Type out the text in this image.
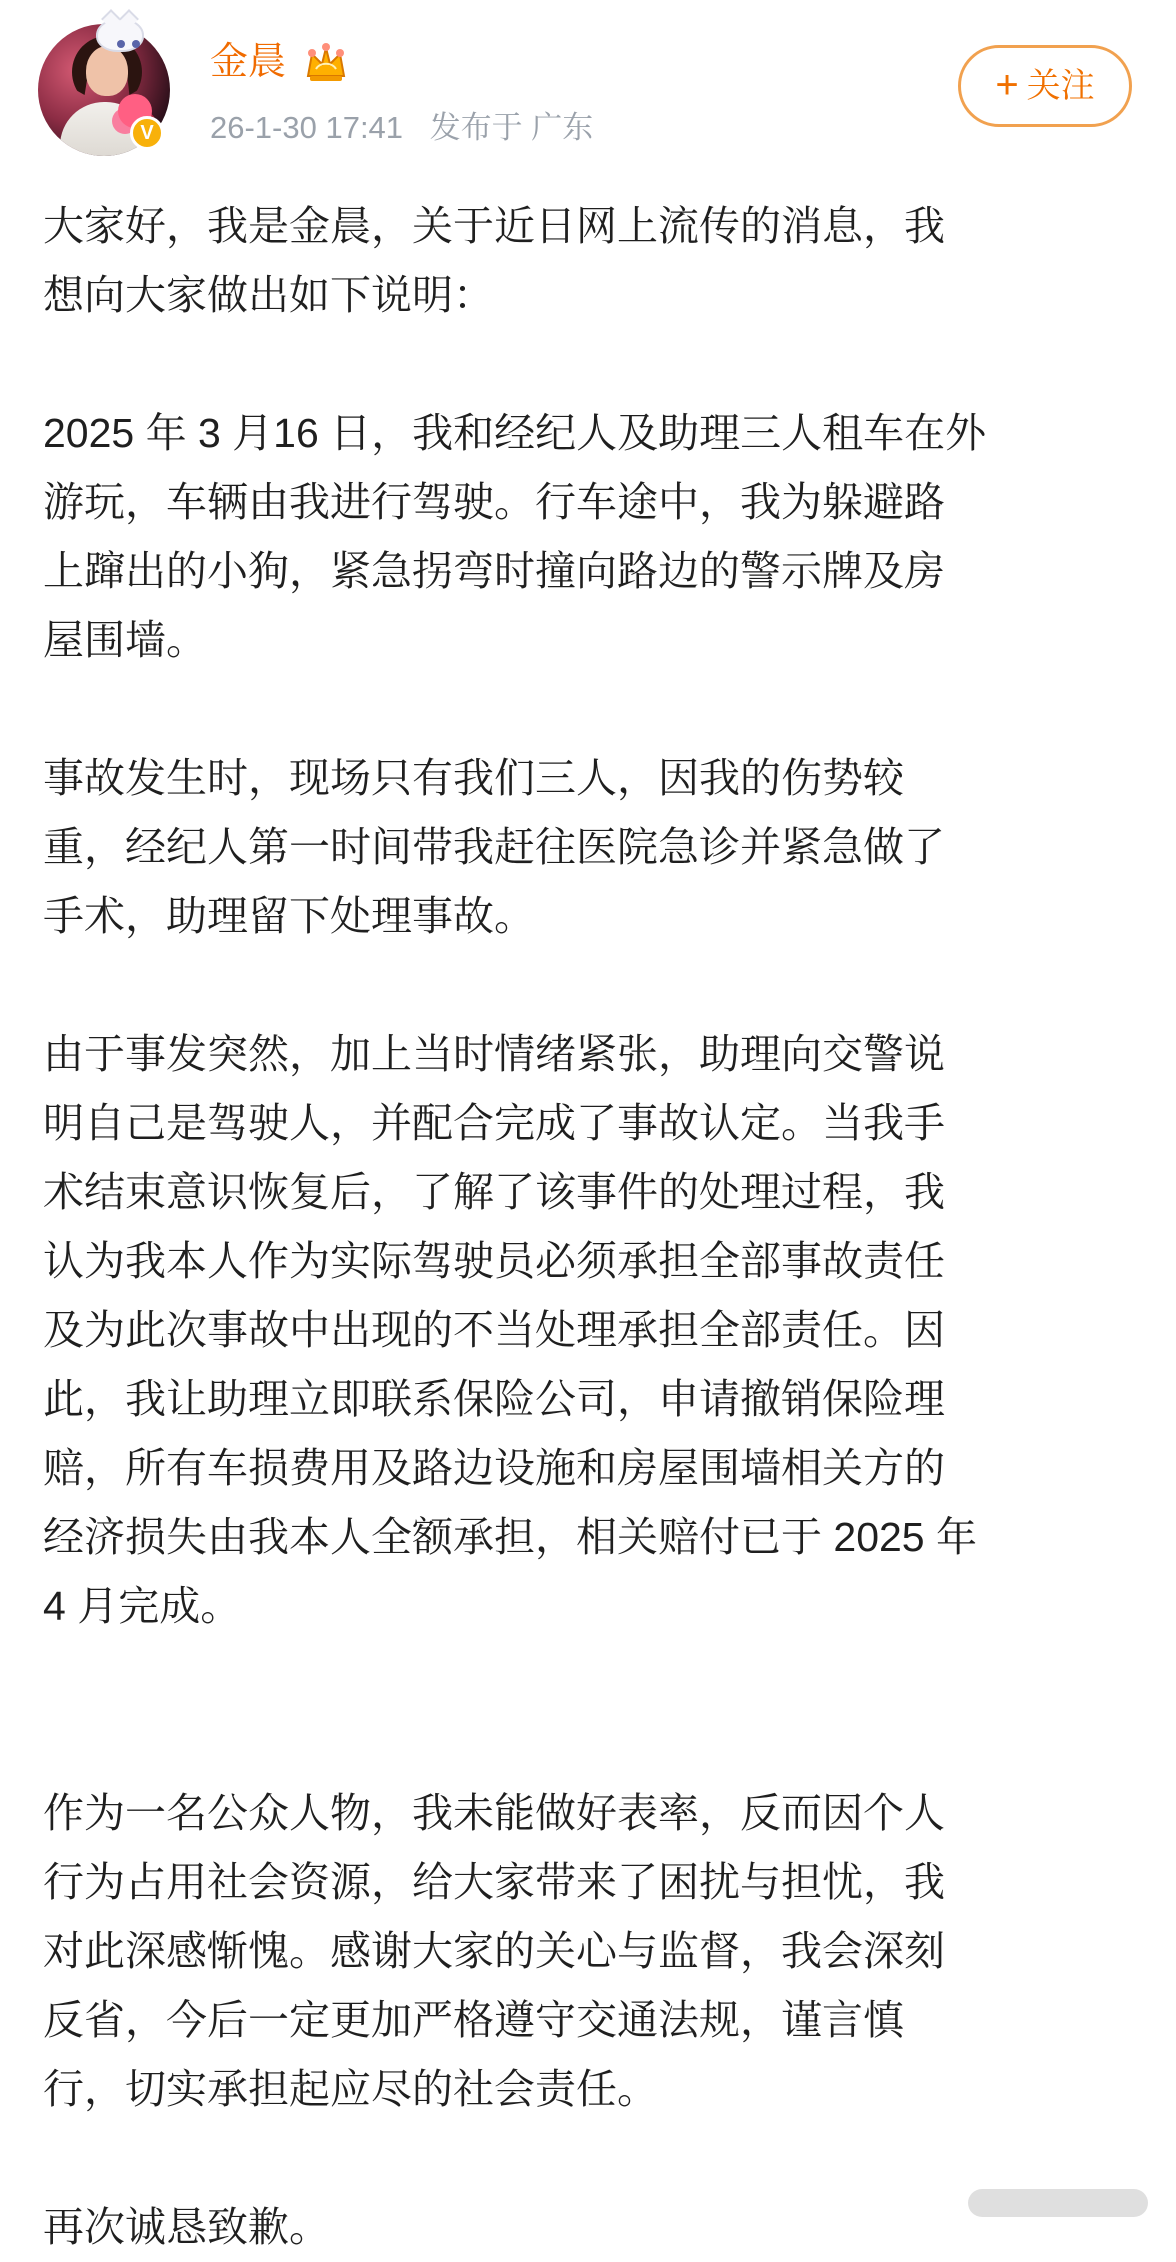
V
金晨
26-1-30 17:41 发布于 广东
+ 关注

大家好，我是金晨，关于近日网上流传的消息，我

想向大家做出如下说明：

2025 年 3 月16 日，我和经纪人及助理三人租车在外

游玩，车辆由我进行驾驶。行车途中，我为躲避路

上蹿出的小狗，紧急拐弯时撞向路边的警示牌及房

屋围墙。

事故发生时，现场只有我们三人，因我的伤势较

重，经纪人第一时间带我赶往医院急诊并紧急做了

手术，助理留下处理事故。

由于事发突然，加上当时情绪紧张，助理向交警说

明自己是驾驶人，并配合完成了事故认定。当我手

术结束意识恢复后，了解了该事件的处理过程，我

认为我本人作为实际驾驶员必须承担全部事故责任

及为此次事故中出现的不当处理承担全部责任。因

此，我让助理立即联系保险公司，申请撤销保险理

赔，所有车损费用及路边设施和房屋围墙相关方的

经济损失由我本人全额承担，相关赔付已于 2025 年

4 月完成。

作为一名公众人物，我未能做好表率，反而因个人

行为占用社会资源，给大家带来了困扰与担忧，我

对此深感惭愧。感谢大家的关心与监督，我会深刻

反省，今后一定更加严格遵守交通法规，谨言慎

行，切实承担起应尽的社会责任。

再次诚恳致歉。
